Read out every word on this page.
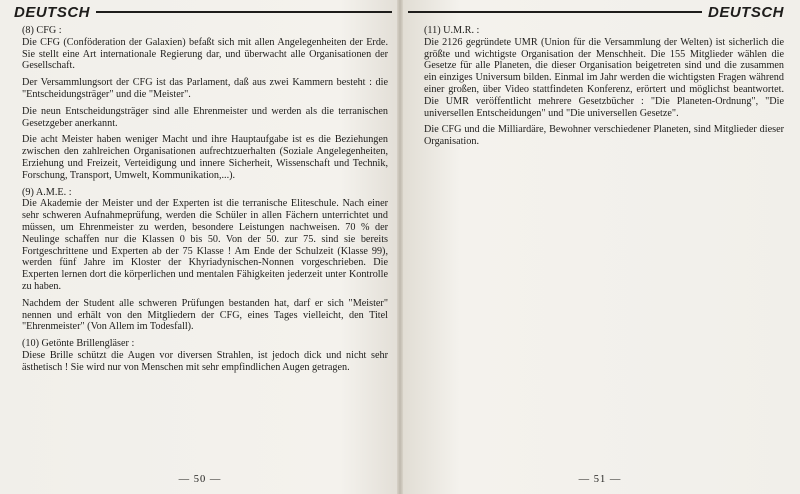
DEUTSCH
(8) CFG :

Die CFG (Conföderation der Galaxien) befaßt sich mit allen Angelegenheiten der Erde. Sie stellt eine Art internationale Regierung dar, und überwacht alle Organisationen der Gesellschaft.

Der Versammlungsort der CFG ist das Parlament, daß aus zwei Kammern besteht : die "Entscheidungsträger" und die "Meister".

Die neun Entscheidungsträger sind alle Ehrenmeister und werden als die terranischen Gesetzgeber anerkannt.

Die acht Meister haben weniger Macht und ihre Hauptaufgabe ist es die Beziehungen zwischen den zahlreichen Organisationen aufrechtzuerhalten (Soziale Angelegenheiten, Erziehung und Freizeit, Verteidigung und innere Sicherheit, Wissenschaft und Technik, Forschung, Transport, Umwelt, Kommunikation,...).

(9) A.M.E. :

Die Akademie der Meister und der Experten ist die terranische Eliteschule. Nach einer sehr schweren Aufnahmeprüfung, werden die Schüler in allen Fächern unterrichtet und müssen, um Ehrenmeister zu werden, besondere Leistungen nachweisen. 70 % der Neulinge schaffen nur die Klassen 0 bis 50. Von der 50. zur 75. sind sie bereits Fortgeschrittene und Experten ab der 75 Klasse ! Am Ende der Schulzeit (Klasse 99), werden fünf Jahre im Kloster der Khyriadynischen-Nonnen vorgeschrieben. Die Experten lernen dort die körperlichen und mentalen Fähigkeiten jederzeit unter Kontrolle zu haben.

Nachdem der Student alle schweren Prüfungen bestanden hat, darf er sich "Meister" nennen und erhält von den Mitgliedern der CFG, eines Tages vielleicht, den Titel "Ehrenmeister" (Von Allem im Todesfall).

(10) Getönte Brillengläser :

Diese Brille schützt die Augen vor diversen Strahlen, ist jedoch dick und nicht sehr ästhetisch ! Sie wird nur von Menschen mit sehr empfindlichen Augen getragen.

— 50 —
DEUTSCH
(11) U.M.R. :

Die 2126 gegründete UMR (Union für die Versammlung der Welten) ist sicherlich die größte und wichtigste Organisation der Menschheit. Die 155 Mitglieder wählen die Gesetze für alle Planeten, die dieser Organisation beigetreten sind und die zusammen ein einziges Universum bilden. Einmal im Jahr werden die wichtigsten Fragen während einer großen, über Video stattfindeten Konferenz, erörtert und möglichst beantwortet. Die UMR veröffentlicht mehrere Gesetzbücher : "Die Planeten-Ordnung", "Die universellen Entscheidungen" und "Die universellen Gesetze".

Die CFG und die Milliardäre, Bewohner verschiedener Planeten, sind Mitglieder dieser Organisation.

— 51 —
